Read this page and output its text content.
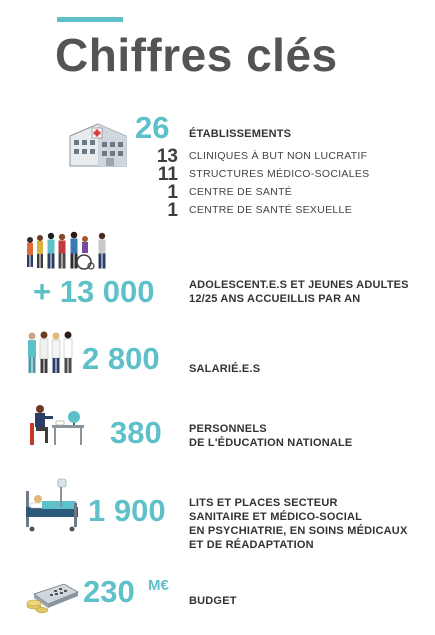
Chiffres clés
26 ÉTABLISSEMENTS
13 CLINIQUES À BUT NON LUCRATIF
11 STRUCTURES MÉDICO-SOCIALES
1 CENTRE DE SANTÉ
1 CENTRE DE SANTÉ SEXUELLE
+ 13 000	ADOLESCENT.E.S ET JEUNES ADULTES
12/25 ANS ACCUEILLIS PAR AN
2 800	SALARIÉ.E.S
380 PERSONNELS
DE L'ÉDUCATION NATIONALE
1 900 LITS ET PLACES SECTEUR
SANITAIRE ET MÉDICO-SOCIAL
EN PSYCHIATRIE, EN SOINS MÉDICAUX
ET DE RÉADAPTATION
230 M€
BUDGET
